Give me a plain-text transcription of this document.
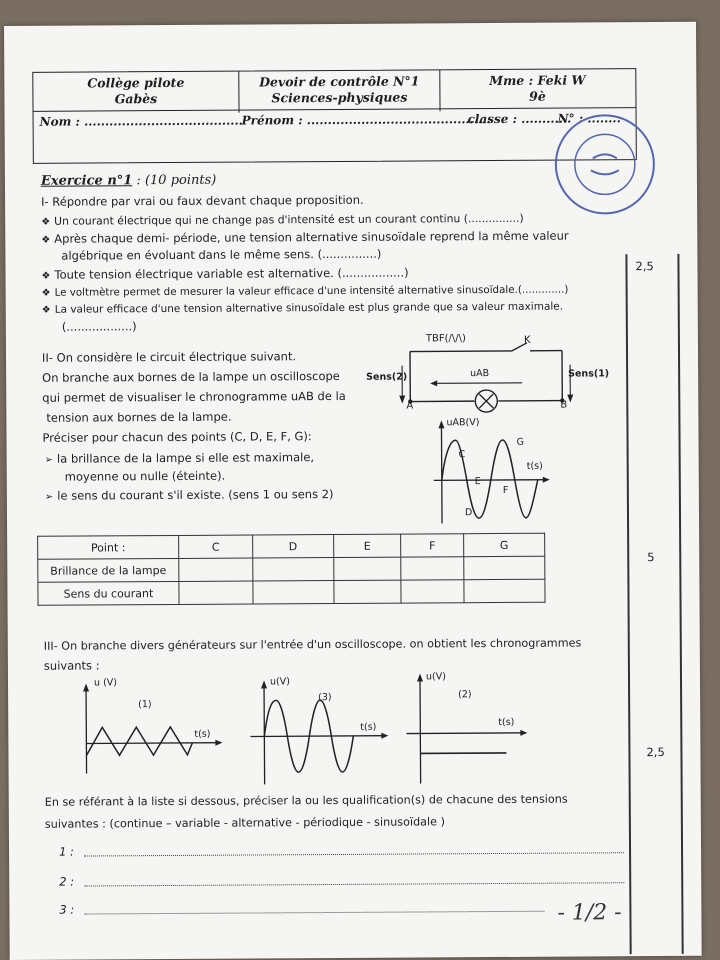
Collège pilote
Gabès
Devoir de contrôle N°1
Sciences-physiques
Mme : Feki W
9è
Nom : ......................................
Prénom : ............................................
classe : ............
N° : ........
2,5
5
2,5
Exercice n°1 : (10 points)
I- Répondre par vrai ou faux devant chaque proposition.
❖ Un courant électrique qui ne change pas d'intensité est un courant continu (...............)
❖ Après chaque demi- période, une tension alternative sinusoïdale reprend la même valeur
algébrique en évoluant dans le même sens. (...............)
❖ Toute tension électrique variable est alternative. (.................)
❖ Le voltmètre permet de mesurer la valeur efficace d'une intensité alternative sinusoïdale.(.............)
❖ La valeur efficace d'une tension alternative sinusoïdale est plus grande que sa valeur maximale.
(..................)
II- On considère le circuit électrique suivant.
On branche aux bornes de la lampe un oscilloscope
qui permet de visualiser le chronogramme uAB de la
tension aux bornes de la lampe.
Préciser pour chacun des points (C, D, E, F, G):
➢ la brillance de la lampe si elle est maximale,
moyenne ou nulle (éteinte).
➢ le sens du courant s'il existe. (sens 1 ou sens 2)
TBF(/\/\)	K
Sens(2)	Sens(1)
uAB
A	B
uAB(V)
t(s)
C
D
E
F
G
Point :	C	D	E	F	G
Brillance de la lampe					
Sens du courant					
III- On branche divers générateurs sur l'entrée d'un oscilloscope. on obtient les chronogrammes
suivants :
u (V)
t(s)
(1)
u(V)
t(s)
(3)
u(V)
t(s)
(2)
En se référant à la liste si dessous, préciser la ou les qualification(s) de chacune des tensions
suivantes : (continue – variable - alternative - périodique - sinusoïdale )
1 :
2 :
3 :	- 1/2 -
